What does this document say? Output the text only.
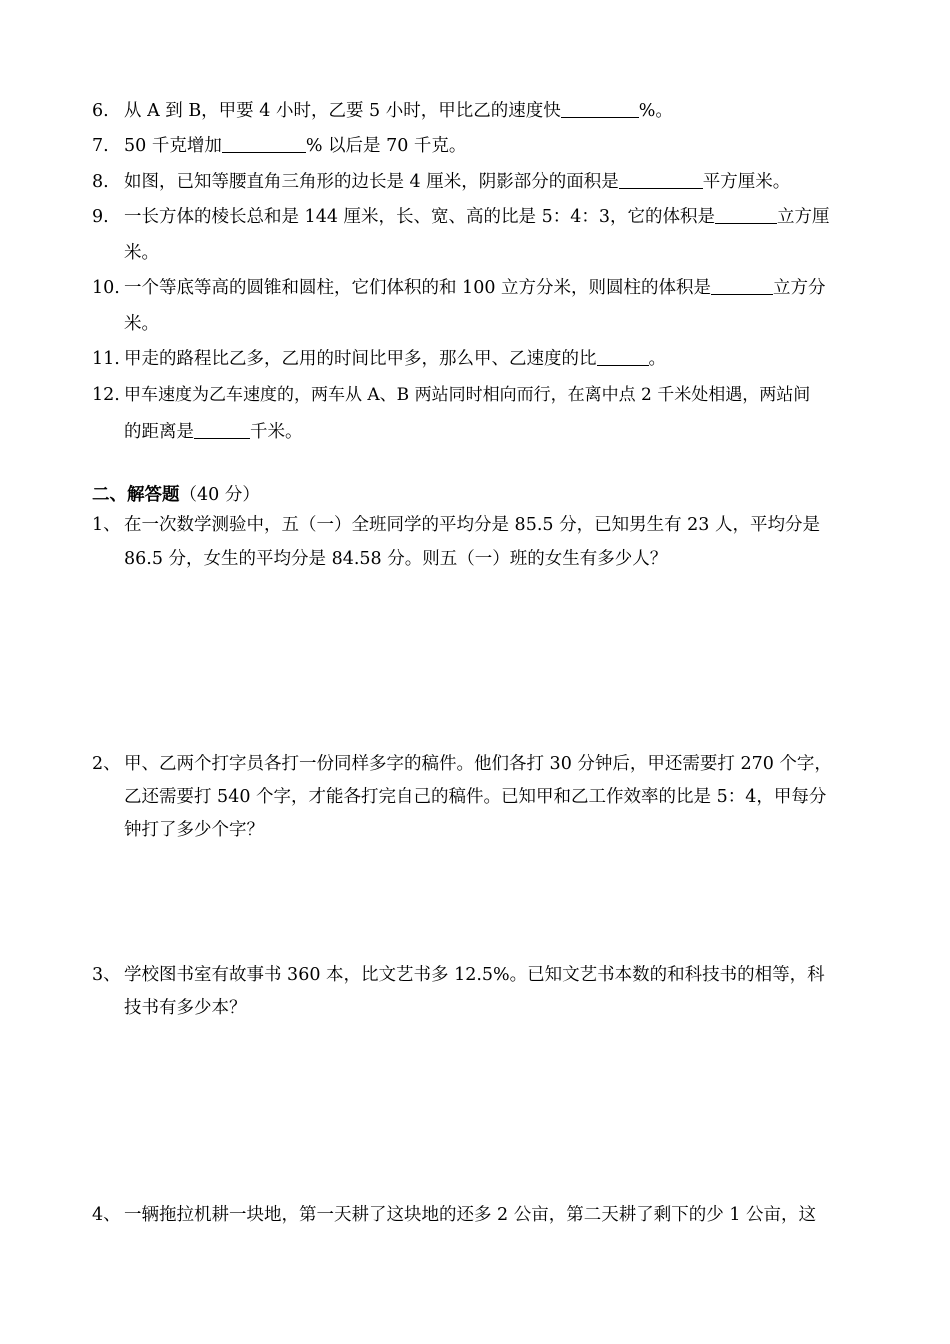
6. 从 A 到 B，甲要 4 小时，乙要 5 小时，甲比乙的速度快	%。
7. 50 千克增加	% 以后是 70 千克。
8. 如图，已知等腰直角三角形的边长是 4 厘米，阴影部分的面积是	平方厘米。
9. 一长方体的棱长总和是 144 厘米，长、宽、高的比是 5：4：3，它的体积是	立方厘
米。
10. 一个等底等高的圆锥和圆柱，它们体积的和 100 立方分米，则圆柱的体积是	立方分
米。
11. 甲走的路程比乙多，乙用的时间比甲多，那么甲、乙速度的比	。
12. 甲车速度为乙车速度的，两车从 A、B 两站同时相向而行，在离中点 2 千米处相遇，两站间
的距离是	千米。
二、解答题（40 分）
1、 在一次数学测验中，五（一）全班同学的平均分是 85.5 分，已知男生有 23 人，平均分是
86.5 分，女生的平均分是 84.58 分。则五（一）班的女生有多少人？
2、 甲、乙两个打字员各打一份同样多字的稿件。他们各打 30 分钟后，甲还需要打 270 个字，
乙还需要打 540 个字，才能各打完自己的稿件。已知甲和乙工作效率的比是 5：4，甲每分
钟打了多少个字？
3、 学校图书室有故事书 360 本，比文艺书多 12.5%。已知文艺书本数的和科技书的相等，科
技书有多少本？
4、 一辆拖拉机耕一块地，第一天耕了这块地的还多 2 公亩，第二天耕了剩下的少 1 公亩，这
